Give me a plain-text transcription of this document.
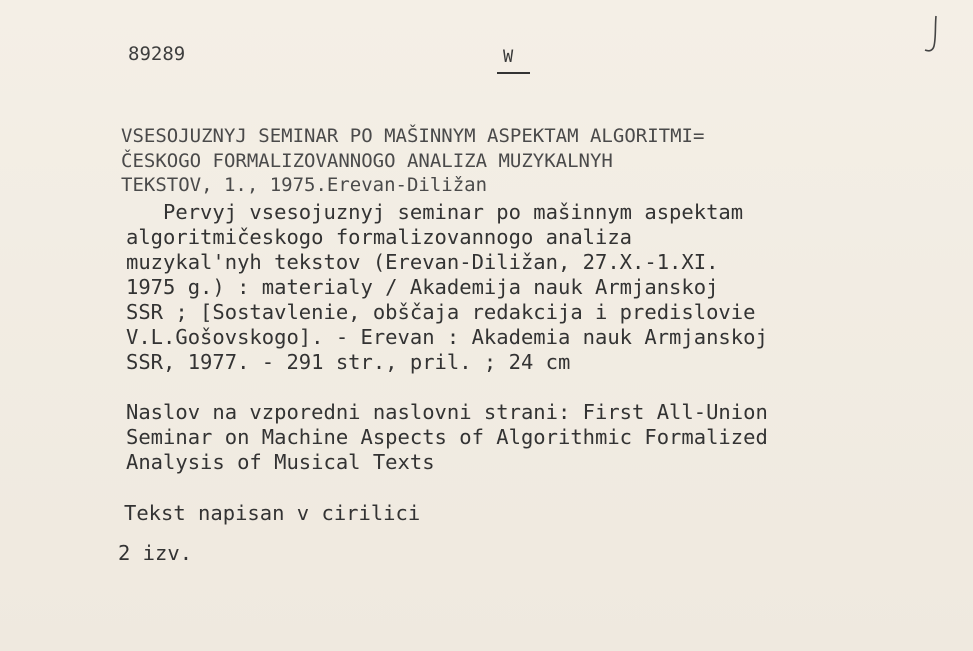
89289	W
VSESOJUZNYJ SEMINAR PO MAŠINNYM ASPEKTAM ALGORITMI=
ČESKOGO FORMALIZOVANNOGO ANALIZA MUZYKALNYH
TEKSTOV, 1., 1975.Erevan-Diližan
Pervyj vsesojuznyj seminar po mašinnym aspektam
algoritmičeskogo formalizovannogo analiza
muzykal'nyh tekstov (Erevan-Diližan, 27.X.-1.XI.
1975 g.) : materialy / Akademija nauk Armjanskoj
SSR ; [Sostavlenie, obščaja redakcija i predislovie
V.L.Gošovskogo]. - Erevan : Akademia nauk Armjanskoj
SSR, 1977. - 291 str., pril. ; 24 cm
Naslov na vzporedni naslovni strani: First All-Union
Seminar on Machine Aspects of Algorithmic Formalized
Analysis of Musical Texts
Tekst napisan v cirilici
2 izv.
